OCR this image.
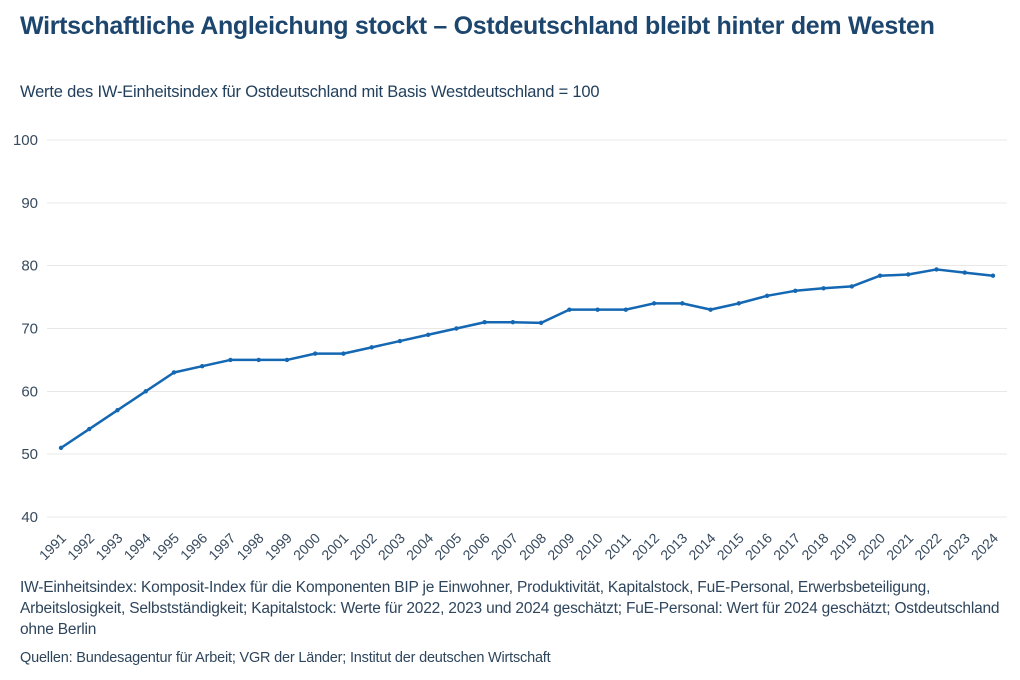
Wirtschaftliche Angleichung stockt – Ostdeutschland bleibt hinter dem Westen

Werte des IW-Einheitsindex für Ostdeutschland mit Basis Westdeutschland = 100

40
50
60
70
80
90
100
1991
1992
1993
1994
1995
1996
1997
1998
1999
2000
2001
2002
2003
2004
2005
2006
2007
2008
2009
2010
2011
2012
2013
2014
2015
2016
2017
2018
2019
2020
2021
2022
2023
2024

IW-Einheitsindex: Komposit-Index für die Komponenten BIP je Einwohner, Produktivität, Kapitalstock, FuE-Personal, Erwerbsbeteiligung, Arbeitslosigkeit, Selbstständigkeit; Kapitalstock: Werte für 2022, 2023 und 2024 geschätzt; FuE-Personal: Wert für 2024 geschätzt; Ostdeutschland ohne Berlin

Quellen: Bundesagentur für Arbeit; VGR der Länder; Institut der deutschen Wirtschaft
